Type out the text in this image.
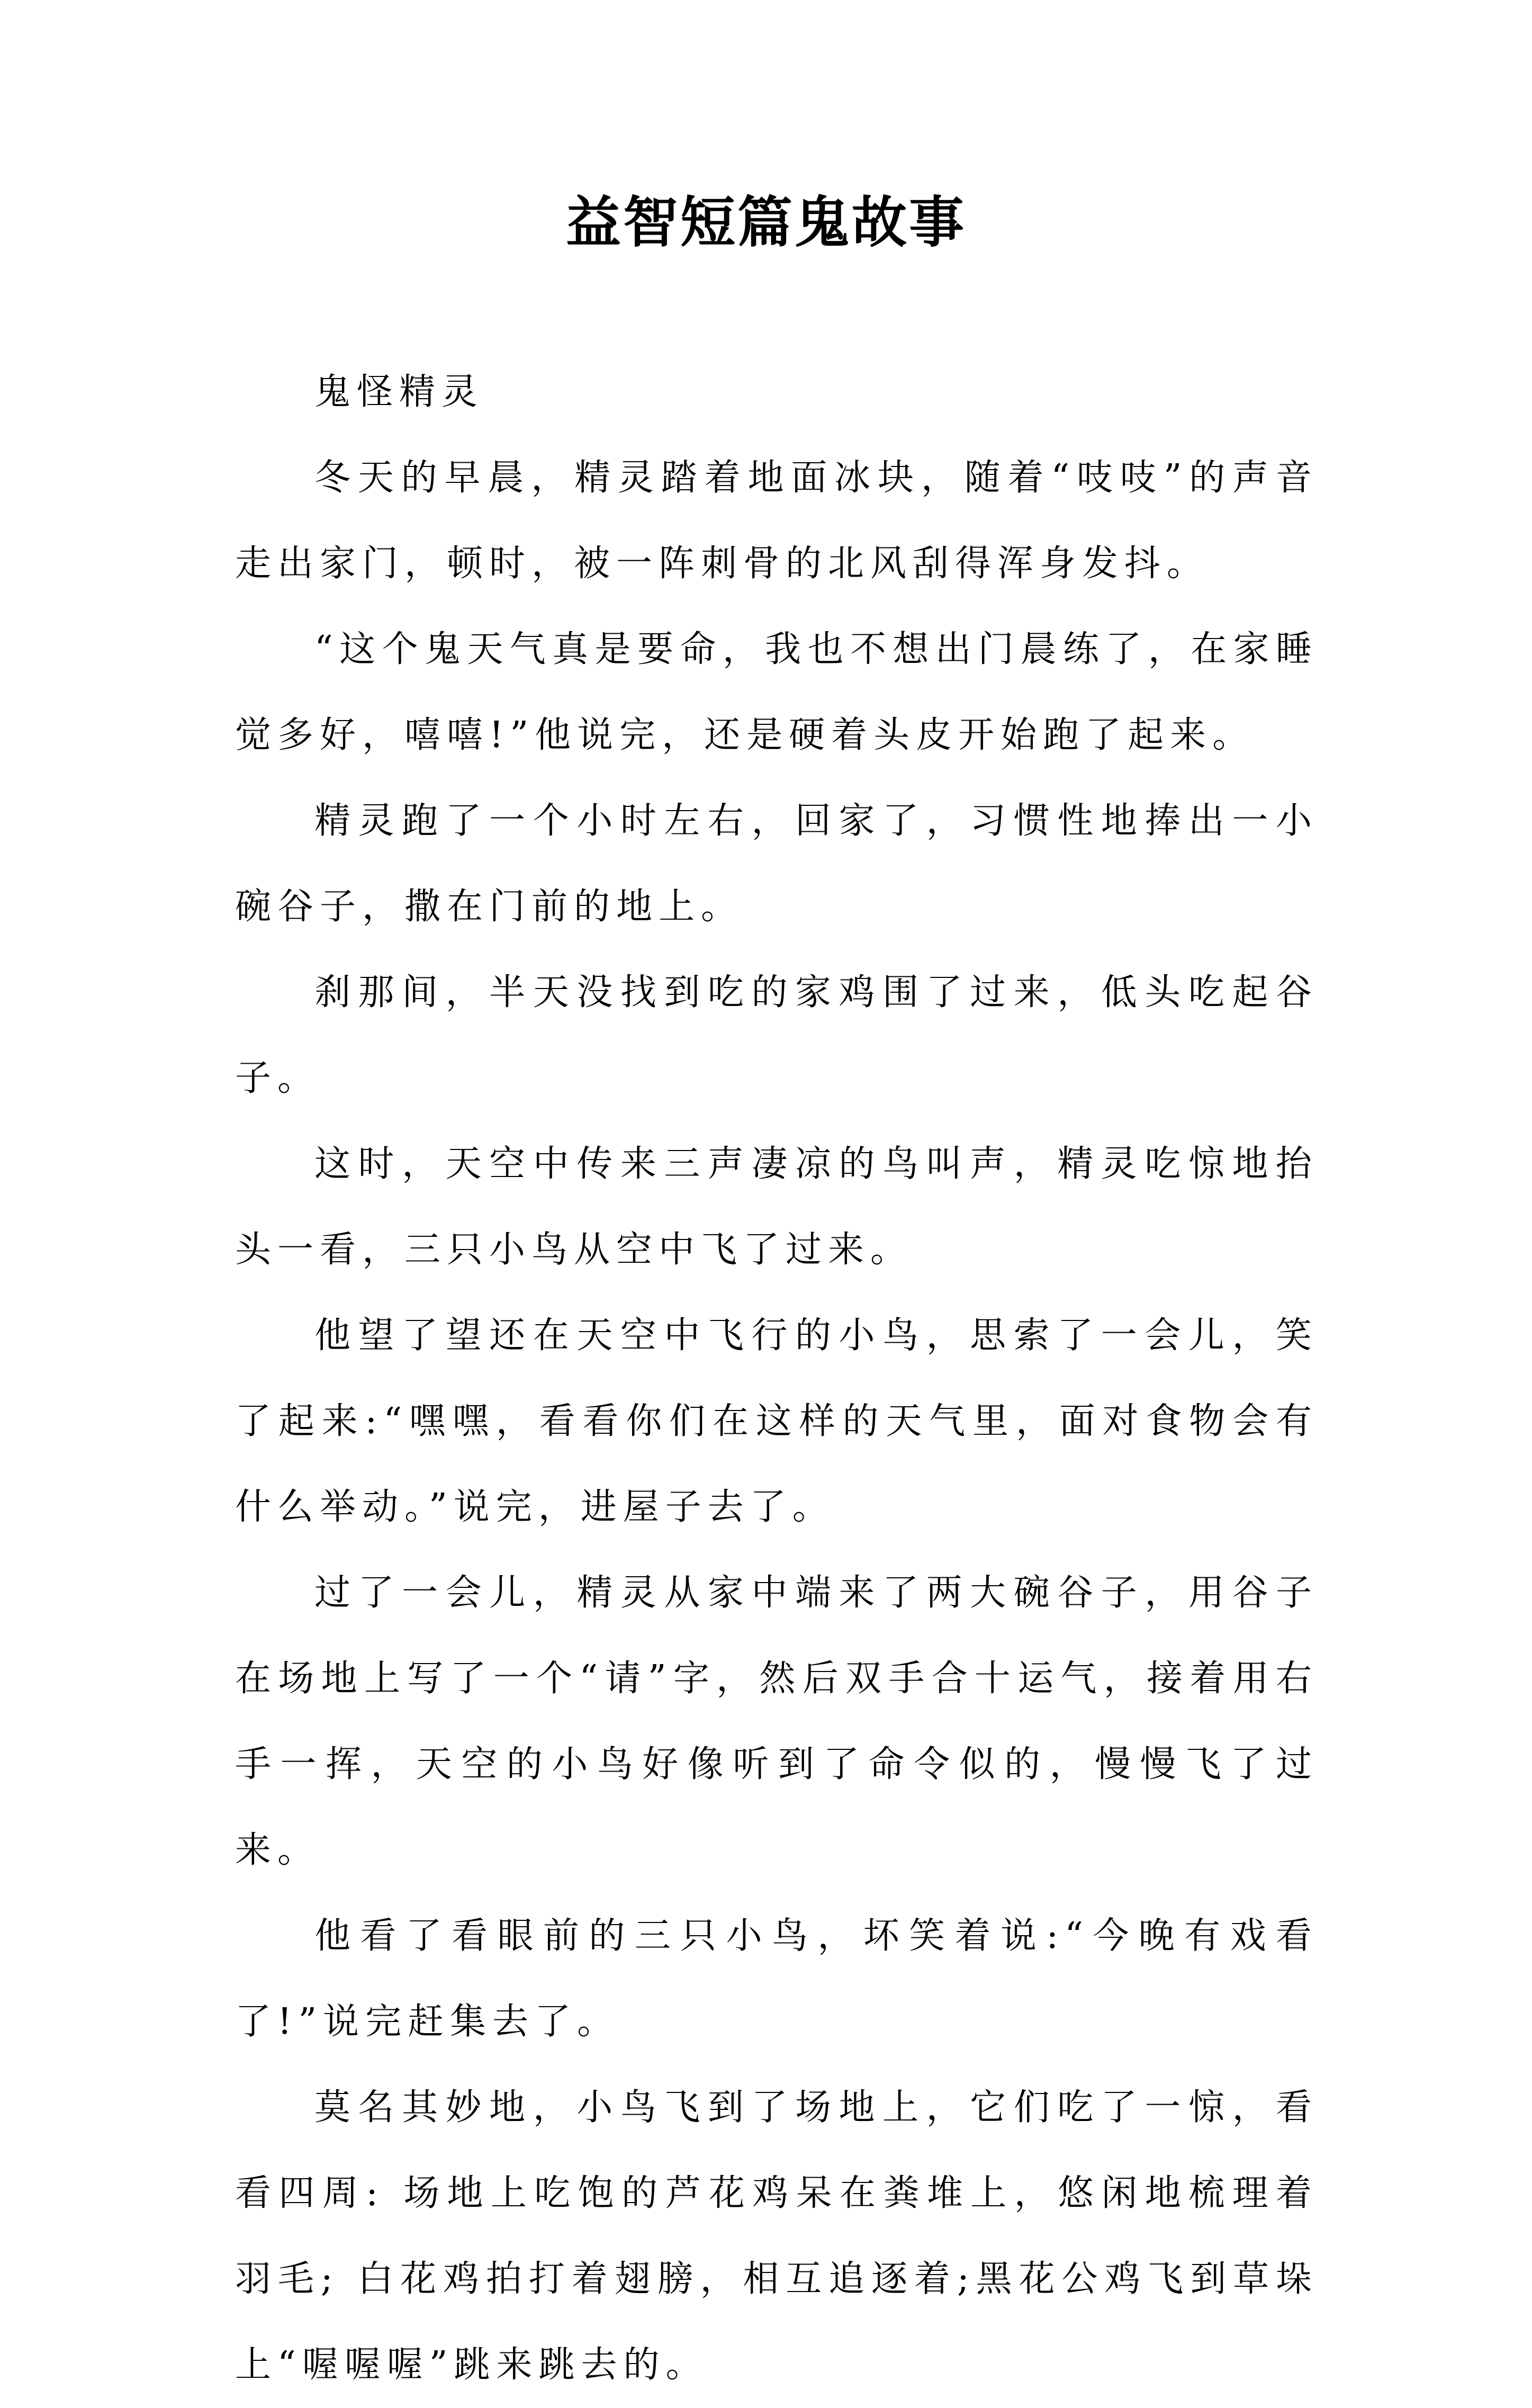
益智短篇鬼故事

鬼怪精灵

冬天的早晨，精灵踏着地面冰块，随着“吱吱”的声音走出家门，顿时，被一阵刺骨的北风刮得浑身发抖。

“这个鬼天气真是要命，我也不想出门晨练了，在家睡觉多好，嘻嘻!”他说完，还是硬着头皮开始跑了起来。

精灵跑了一个小时左右，回家了，习惯性地捧出一小碗谷子，撒在门前的地上。

刹那间，半天没找到吃的家鸡围了过来，低头吃起谷子。

这时，天空中传来三声凄凉的鸟叫声，精灵吃惊地抬头一看，三只小鸟从空中飞了过来。

他望了望还在天空中飞行的小鸟，思索了一会儿，笑了起来:“嘿嘿，看看你们在这样的天气里，面对食物会有什么举动。”说完，进屋子去了。

过了一会儿，精灵从家中端来了两大碗谷子，用谷子在场地上写了一个“请”字，然后双手合十运气，接着用右手一挥，天空的小鸟好像听到了命令似的，慢慢飞了过来。

他看了看眼前的三只小鸟，坏笑着说:“今晚有戏看了!”说完赶集去了。

莫名其妙地，小鸟飞到了场地上，它们吃了一惊，看看四周: 场地上吃饱的芦花鸡呆在粪堆上，悠闲地梳理着羽毛; 白花鸡拍打着翅膀，相互追逐着;黑花公鸡飞到草垛上“喔喔喔”跳来跳去的。
